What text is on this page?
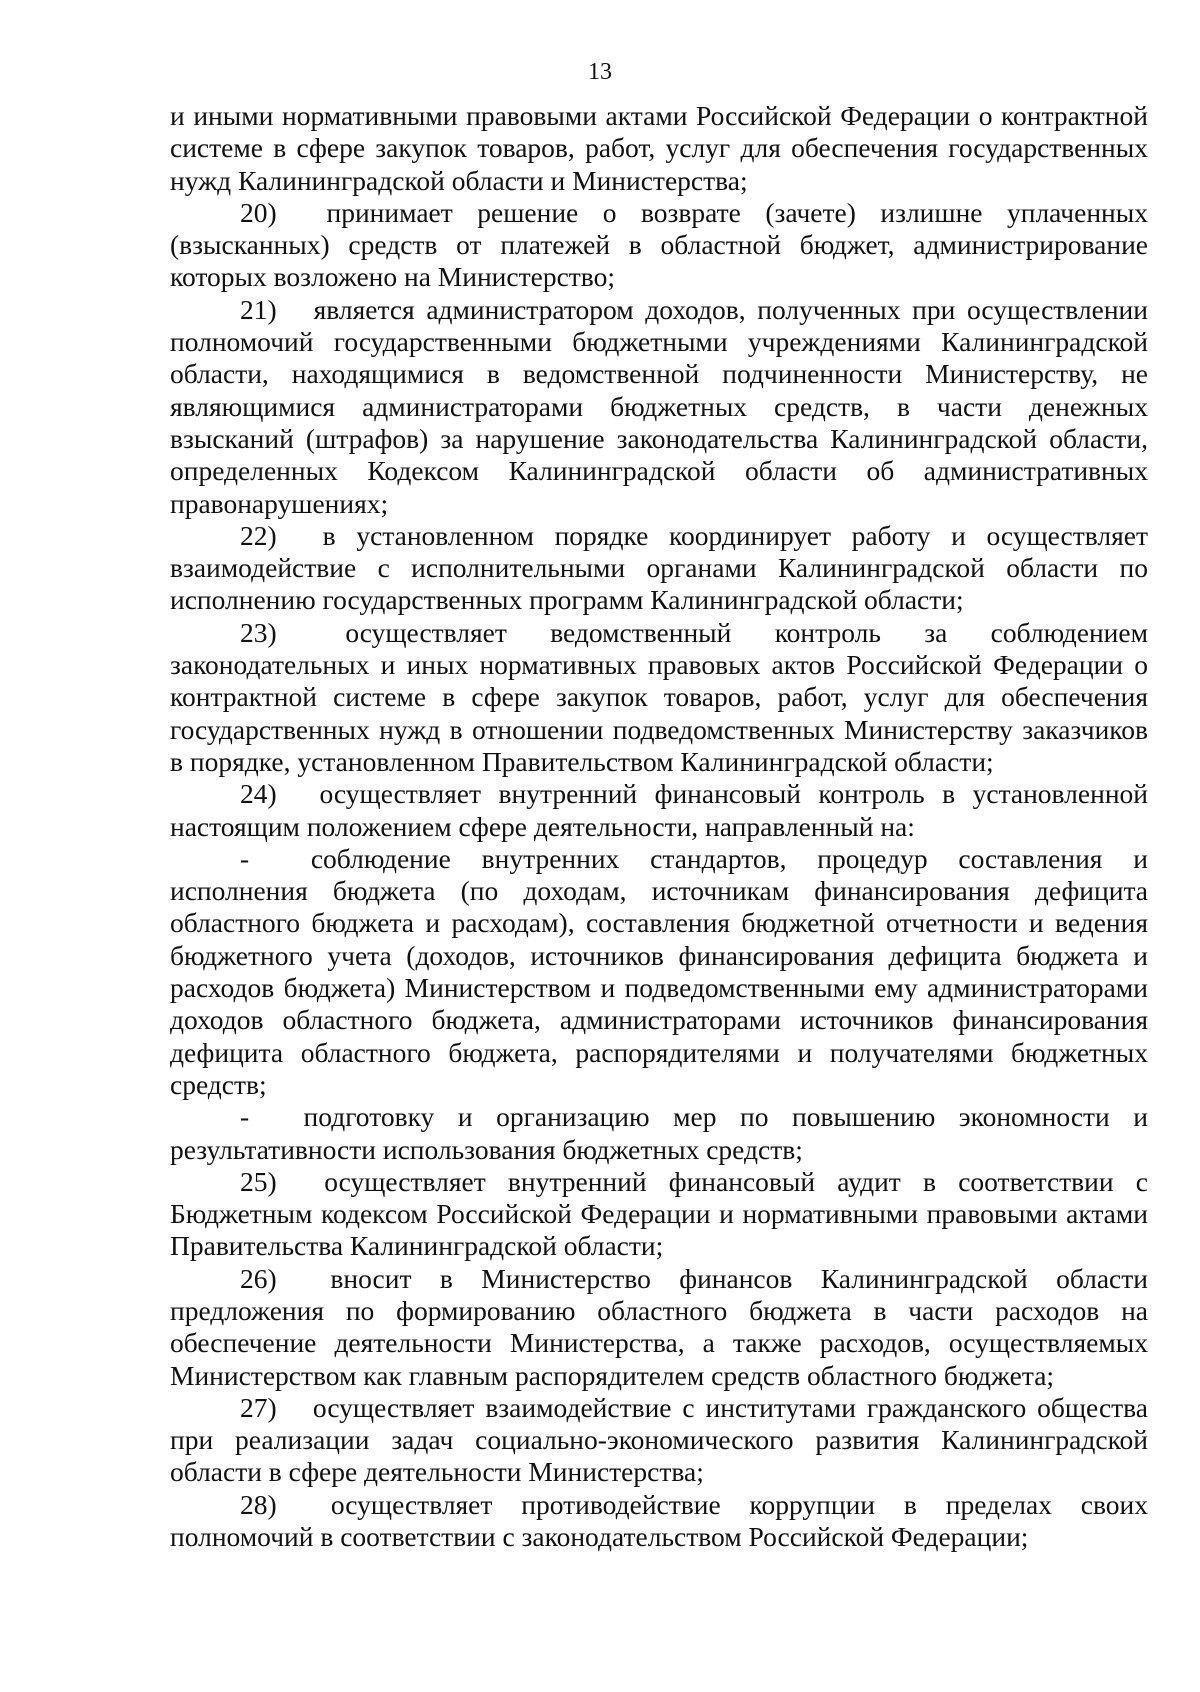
13

и иными нормативными правовыми актами Российской Федерации о контрактной системе в сфере закупок товаров, работ, услуг для обеспечения государственных нужд Калининградской области и Министерства;

20) принимает решение о возврате (зачете) излишне уплаченных (взысканных) средств от платежей в областной бюджет, администрирование которых возложено на Министерство;

21) является администратором доходов, полученных при осуществлении полномочий государственными бюджетными учреждениями Калининградской области, находящимися в ведомственной подчиненности Министерству, не являющимися администраторами бюджетных средств, в части денежных взысканий (штрафов) за нарушение законодательства Калининградской области, определенных Кодексом Калининградской области об административных правонарушениях;

22) в установленном порядке координирует работу и осуществляет взаимодействие с исполнительными органами Калининградской области по исполнению государственных программ Калининградской области;

23) осуществляет ведомственный контроль за соблюдением законодательных и иных нормативных правовых актов Российской Федерации о контрактной системе в сфере закупок товаров, работ, услуг для обеспечения государственных нужд в отношении подведомственных Министерству заказчиков в порядке, установленном Правительством Калининградской области;

24) осуществляет внутренний финансовый контроль в установленной настоящим положением сфере деятельности, направленный на:

- соблюдение внутренних стандартов, процедур составления и исполнения бюджета (по доходам, источникам финансирования дефицита областного бюджета и расходам), составления бюджетной отчетности и ведения бюджетного учета (доходов, источников финансирования дефицита бюджета и расходов бюджета) Министерством и подведомственными ему администраторами доходов областного бюджета, администраторами источников финансирования дефицита областного бюджета, распорядителями и получателями бюджетных средств;

- подготовку и организацию мер по повышению экономности и результативности использования бюджетных средств;

25) осуществляет внутренний финансовый аудит в соответствии с Бюджетным кодексом Российской Федерации и нормативными правовыми актами Правительства Калининградской области;

26) вносит в Министерство финансов Калининградской области предложения по формированию областного бюджета в части расходов на обеспечение деятельности Министерства, а также расходов, осуществляемых Министерством как главным распорядителем средств областного бюджета;

27) осуществляет взаимодействие с институтами гражданского общества при реализации задач социально-экономического развития Калининградской области в сфере деятельности Министерства;

28) осуществляет противодействие коррупции в пределах своих полномочий в соответствии с законодательством Российской Федерации;
